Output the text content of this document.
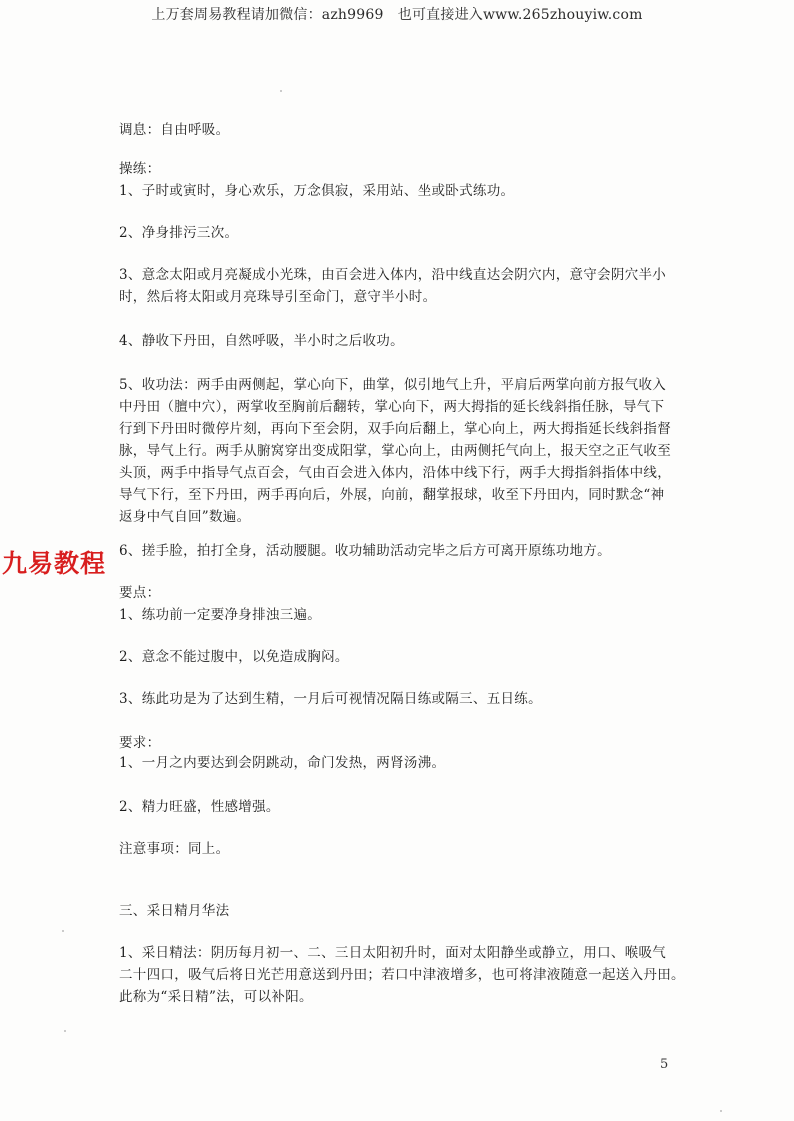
上万套周易教程请加微信：azh9969　也可直接进入www.265zhouyiw.com
九易教程

调息：自由呼吸。

操练：

1、子时或寅时，身心欢乐，万念俱寂，采用站、坐或卧式练功。

2、净身排污三次。

3、意念太阳或月亮凝成小光珠，由百会进入体内，沿中线直达会阴穴内，意守会阴穴半小
时，然后将太阳或月亮珠导引至命门，意守半小时。

4、静收下丹田，自然呼吸，半小时之后收功。

5、收功法：两手由两侧起，掌心向下，曲掌，似引地气上升，平肩后两掌向前方报气收入
中丹田（膻中穴），两掌收至胸前后翻转，掌心向下，两大拇指的延长线斜指任脉，导气下
行到下丹田时微停片刻，再向下至会阴，双手向后翻上，掌心向上，两大拇指延长线斜指督
脉，导气上行。两手从腑窝穿出变成阳掌，掌心向上，由两侧托气向上，报天空之正气收至
头顶，两手中指导气点百会，气由百会进入体内，沿体中线下行，两手大拇指斜指体中线，
导气下行，至下丹田，两手再向后，外展，向前，翻掌报球，收至下丹田内，同时默念“神
返身中气自回”数遍。

6、搓手脸，拍打全身，活动腰腿。收功辅助活动完毕之后方可离开原练功地方。

要点：

1、练功前一定要净身排浊三遍。

2、意念不能过腹中，以免造成胸闷。

3、练此功是为了达到生精，一月后可视情况隔日练或隔三、五日练。

要求：

1、一月之内要达到会阴跳动，命门发热，两肾汤沸。

2、精力旺盛，性感增强。

注意事项：同上。

三、采日精月华法

1、采日精法：阴历每月初一、二、三日太阳初升时，面对太阳静坐或静立，用口、喉吸气
二十四口，吸气后将日光芒用意送到丹田；若口中津液增多，也可将津液随意一起送入丹田。
此称为“采日精”法，可以补阳。

5
